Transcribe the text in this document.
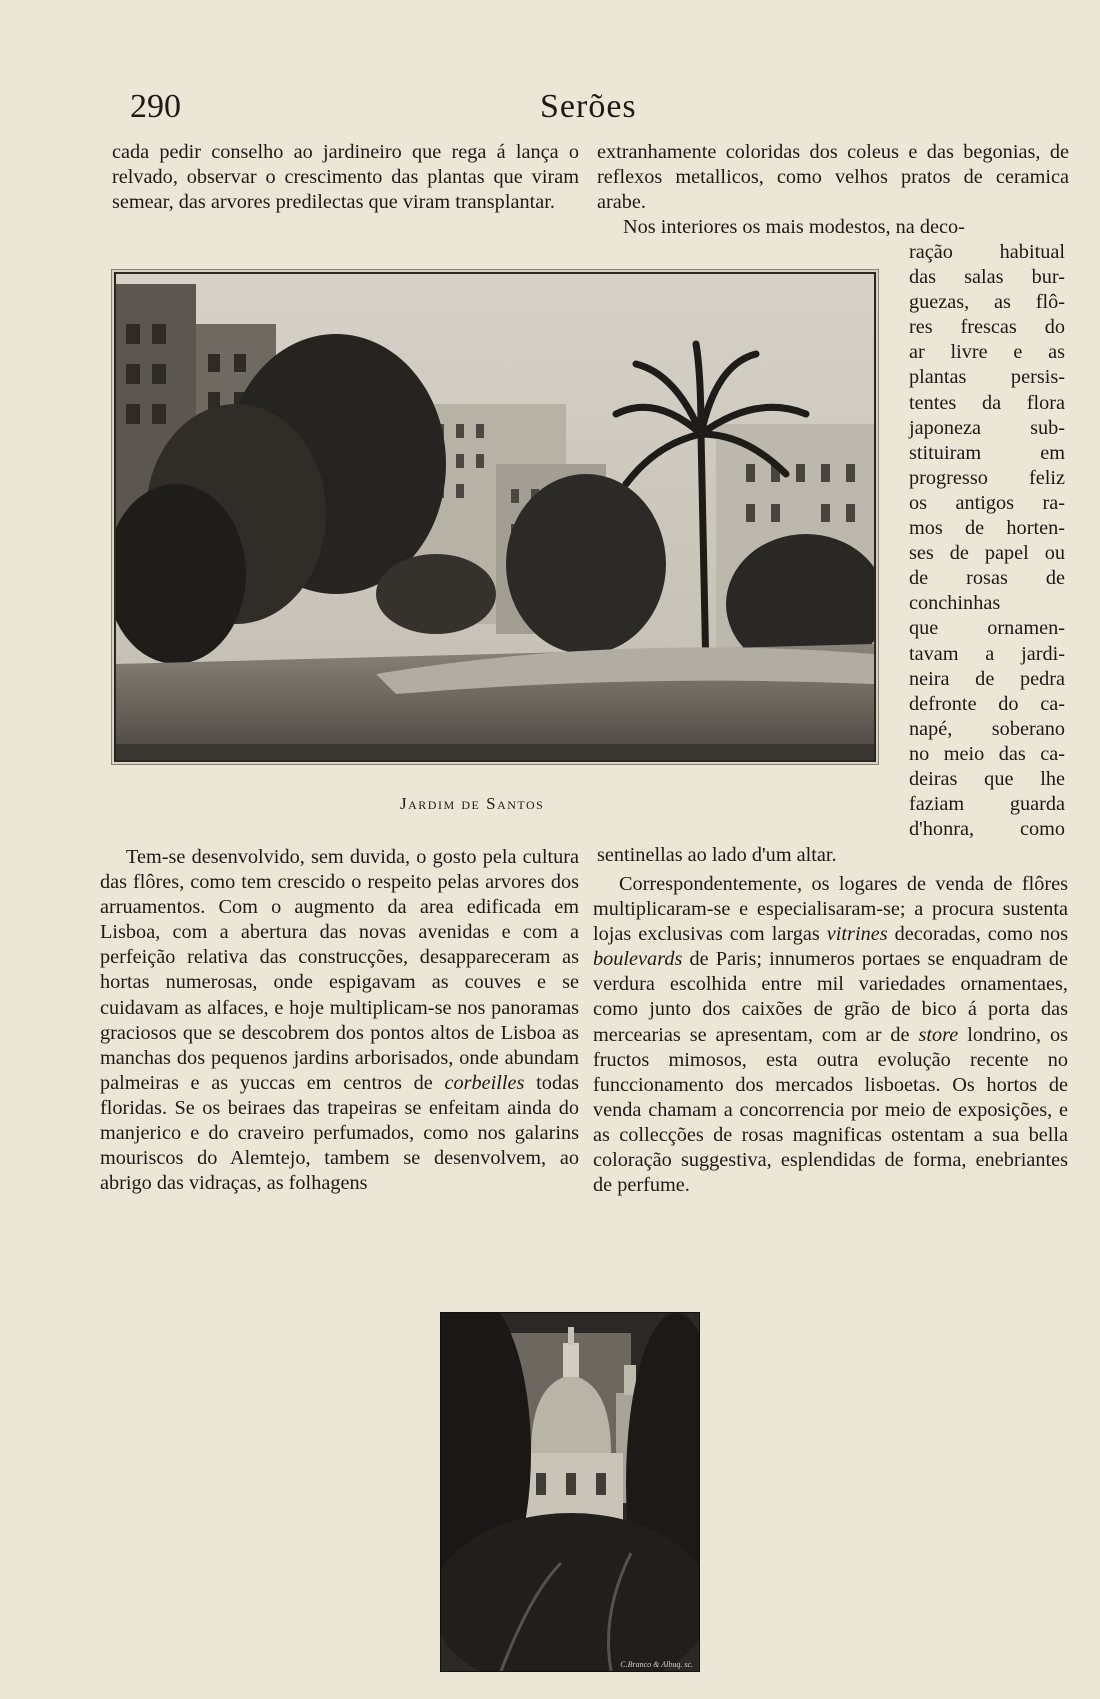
290	Serões

cada pedir conselho ao jardineiro que rega á lança o relvado, observar o crescimento das plantas que viram semear, das arvores predilectas que viram transplantar.

extranhamente coloridas dos coleus e das begonias, de reflexos metallicos, como velhos pratos de ceramica arabe.

Nos interiores os mais modestos, na deco-

ração habitual
das salas bur-
guezas, as flô-
res frescas do
ar livre e as
plantas persis-
tentes da flora
japoneza sub-
stituiram em
progresso feliz
os antigos ra-
mos de horten-
ses de papel ou
de rosas de
conchinhas
que ornamen-
tavam a jardi-
neira de pedra
defronte do ca-
napé, soberano
no meio das ca-
deiras que lhe
faziam guarda
d'honra, como

sentinellas ao lado d'um altar.

Jardim de Santos

Tem-se desenvolvido, sem duvida, o gosto pela cultura das flôres, como tem crescido o respeito pelas arvores dos arruamentos. Com o augmento da area edificada em Lisboa, com a abertura das novas avenidas e com a perfeição relativa das construcções, desappareceram as hortas numerosas, onde espigavam as couves e se cuidavam as alfaces, e hoje multiplicam-se nos panoramas graciosos que se descobrem dos pontos altos de Lisboa as manchas dos pequenos jardins arborisados, onde abundam palmeiras e as yuccas em centros de corbeilles todas floridas. Se os beiraes das trapeiras se enfeitam ainda do manjerico e do craveiro perfumados, como nos galarins mouriscos do Alemtejo, tambem se desenvolvem, ao abrigo das vidraças, as folhagens

Correspondentemente, os logares de venda de flôres multiplicaram-se e especialisaram-se; a procura sustenta lojas exclusivas com largas vitrines decoradas, como nos boulevards de Paris; innumeros portaes se enquadram de verdura escolhida entre mil variedades ornamentaes, como junto dos caixões de grão de bico á porta das mercearias se apresentam, com ar de store londrino, os fructos mimosos, esta outra evolução recente no funccionamento dos mercados lisboetas. Os hortos de venda chamam a concorrencia por meio de exposições, e as collecções de rosas magnificas ostentam a sua bella coloração suggestiva, esplendidas de forma, enebriantes de perfume.

C.Branco & Albuq. sc.
